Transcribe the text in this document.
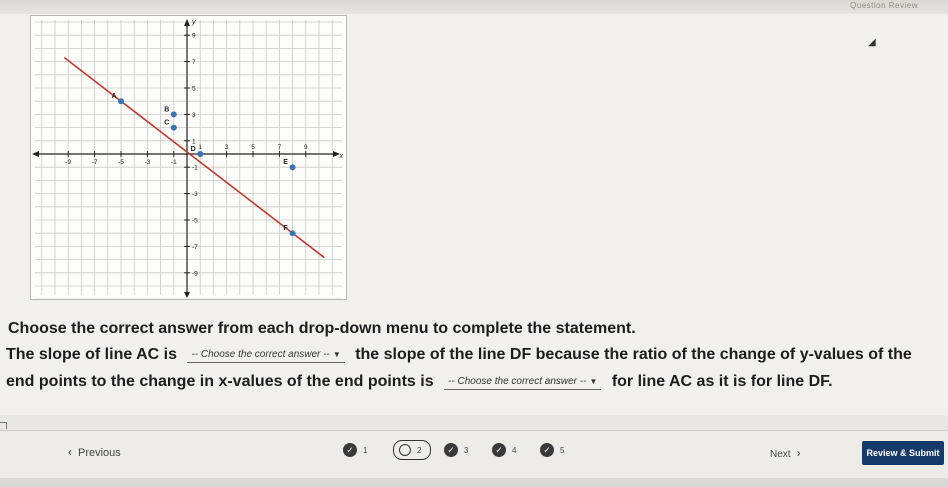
Question Review
x
y
-9	-7	-5	-3	-1
1	3	5	7	9
9
7
5
3
1
-1
-3
-5
-7
-9
A
B
C
D
E
F
◢
Choose the correct answer from each drop-down menu to complete the statement.
The slope of line AC is -- Choose the correct answer -- ▼ the slope of the line DF because the ratio of the change of y-values of the
end points to the change in x-values of the end points is -- Choose the correct answer -- ▼ for line AC as it is for line DF.
‹ Previous	✓	1	2	✓	3	✓	4	✓	5	Next ›	Review & Submit
